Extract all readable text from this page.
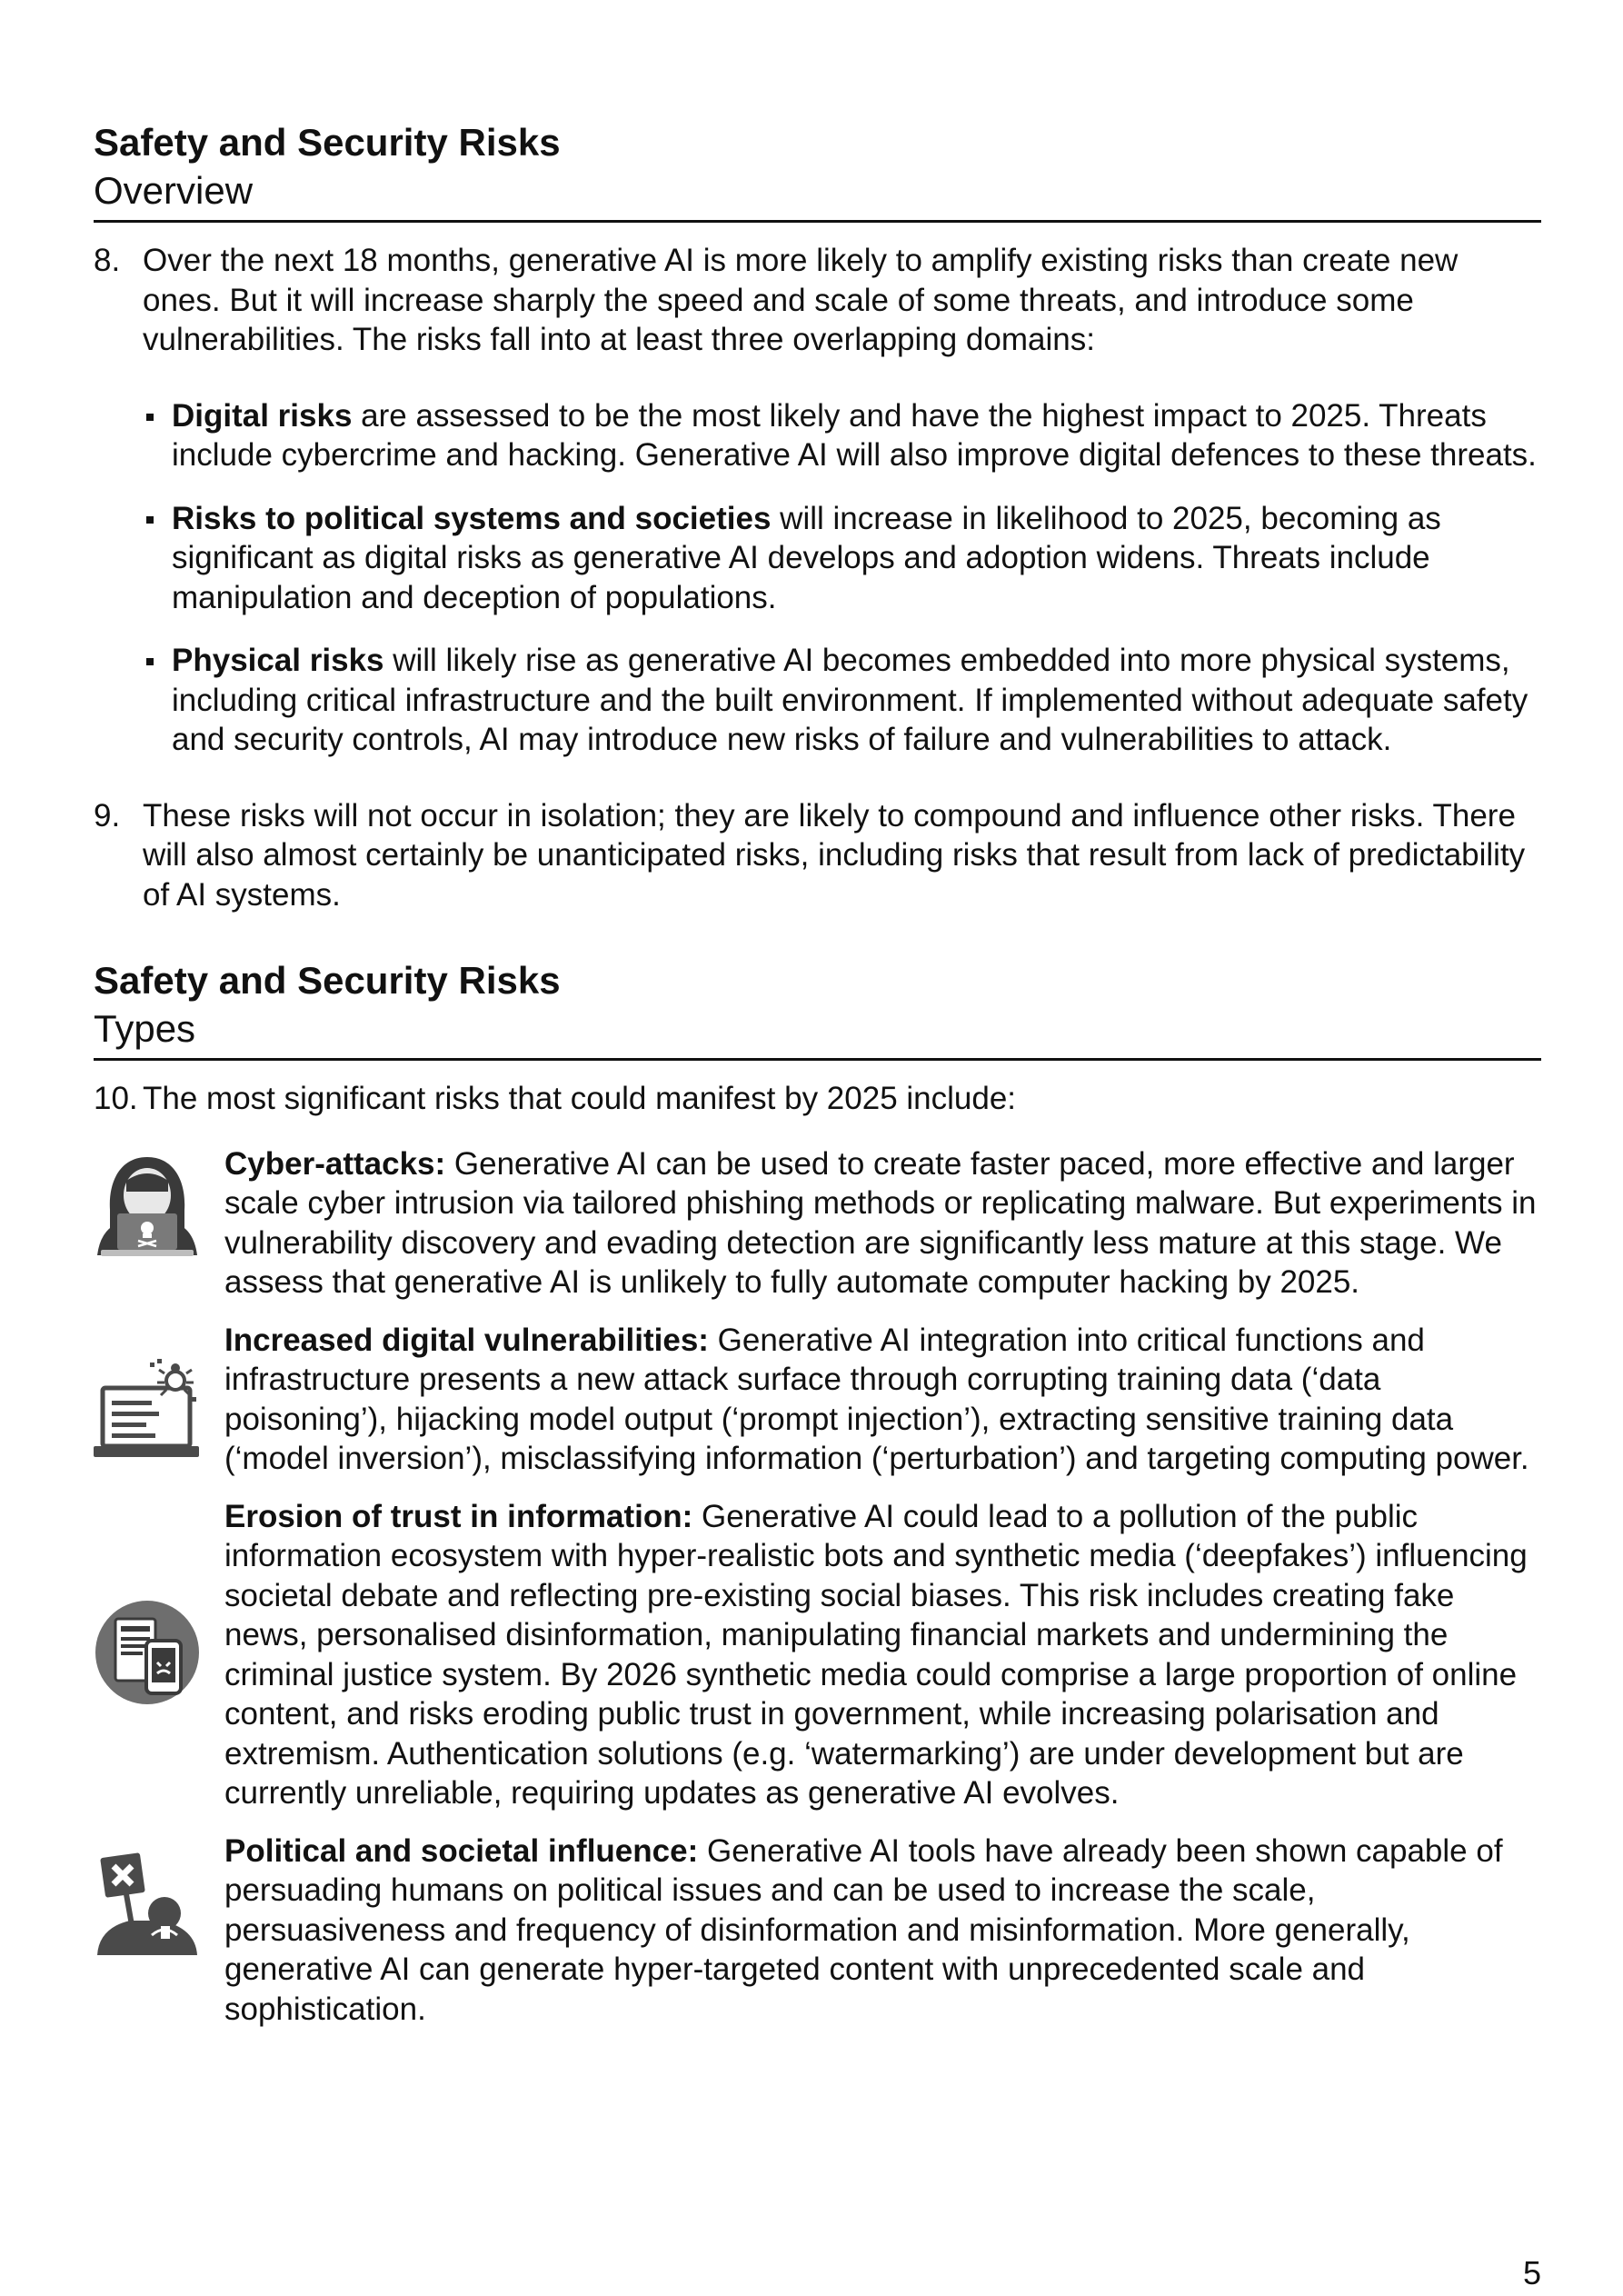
Safety and Security Risks
Overview

8. Over the next 18 months, generative AI is more likely to amplify existing risks than create new ones. But it will increase sharply the speed and scale of some threats, and introduce some vulnerabilities. The risks fall into at least three overlapping domains:

Digital risks are assessed to be the most likely and have the highest impact to 2025. Threats include cybercrime and hacking. Generative AI will also improve digital defences to these threats.
Risks to political systems and societies will increase in likelihood to 2025, becoming as significant as digital risks as generative AI develops and adoption widens. Threats include manipulation and deception of populations.
Physical risks will likely rise as generative AI becomes embedded into more physical systems, including critical infrastructure and the built environment. If implemented without adequate safety and security controls, AI may introduce new risks of failure and vulnerabilities to attack.

9. These risks will not occur in isolation; they are likely to compound and influence other risks. There will also almost certainly be unanticipated risks, including risks that result from lack of predictability of AI systems.

Safety and Security Risks
Types

10. The most significant risks that could manifest by 2025 include:

Cyber-attacks: Generative AI can be used to create faster paced, more effective and larger scale cyber intrusion via tailored phishing methods or replicating malware. But experiments in vulnerability discovery and evading detection are significantly less mature at this stage. We assess that generative AI is unlikely to fully automate computer hacking by 2025.
Increased digital vulnerabilities: Generative AI integration into critical functions and infrastructure presents a new attack surface through corrupting training data (‘data poisoning’), hijacking model output (‘prompt injection’), extracting sensitive training data (‘model inversion’), misclassifying information (‘perturbation’) and targeting computing power.
Erosion of trust in information: Generative AI could lead to a pollution of the public information ecosystem with hyper-realistic bots and synthetic media (‘deepfakes’) influencing societal debate and reflecting pre-existing social biases. This risk includes creating fake news, personalised disinformation, manipulating financial markets and undermining the criminal justice system. By 2026 synthetic media could comprise a large proportion of online content, and risks eroding public trust in government, while increasing polarisation and extremism. Authentication solutions (e.g. ‘watermarking’) are under development but are currently unreliable, requiring updates as generative AI evolves.
Political and societal influence: Generative AI tools have already been shown capable of persuading humans on political issues and can be used to increase the scale, persuasiveness and frequency of disinformation and misinformation. More generally, generative AI can generate hyper-targeted content with unprecedented scale and sophistication.
5
